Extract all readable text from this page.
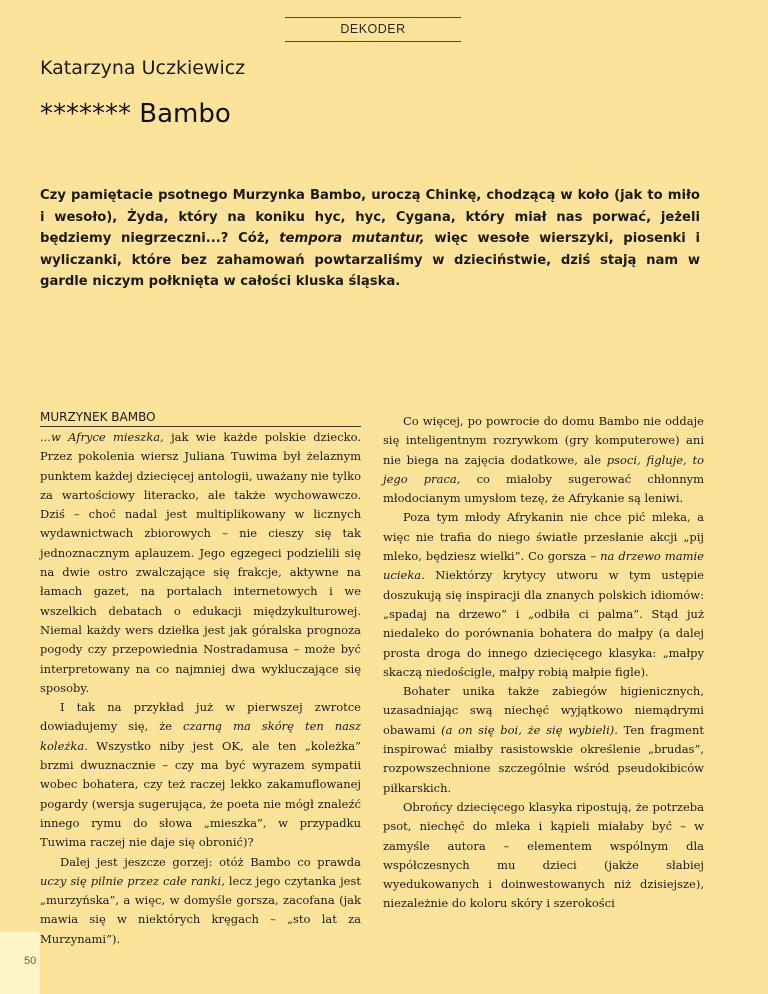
DEKODER
Katarzyna Uczkiewicz
******* Bambo
Czy pamiętacie psotnego Murzynka Bambo, uroczą Chinkę, chodzącą w koło (jak to miło i wesoło), Żyda, który na koniku hyc, hyc, Cygana, który miał nas porwać, jeżeli będziemy niegrzeczni...? Cóż, tempora mutantur, więc wesołe wierszyki, piosenki i wyliczanki, które bez zahamowań powtarzaliśmy w dzieciństwie, dziś stają nam w gardle niczym połknięta w całości kluska śląska.
MURZYNEK BAMBO

...w Afryce mieszka, jak wie każde polskie dziecko. Przez pokolenia wiersz Juliana Tuwima był żelaznym punktem każdej dziecięcej antologii, uważany nie tylko za wartościowy literacko, ale także wychowawczo. Dziś – choć nadal jest multiplikowany w licznych wydawnictwach zbiorowych – nie cieszy się tak jednoznacznym aplauzem. Jego egzegeci podzielili się na dwie ostro zwalczające się frakcje, aktywne na łamach gazet, na portalach internetowych i we wszelkich debatach o edukacji międzykulturowej. Niemal każdy wers dziełka jest jak góralska prognoza pogody czy przepowiednia Nostradamusa – może być interpretowany na co najmniej dwa wykluczające się sposoby.

I tak na przykład już w pierwszej zwrotce dowiadujemy się, że czarną ma skórę ten nasz koleżka. Wszystko niby jest OK, ale ten „koleżka” brzmi dwuznacznie – czy ma być wyrazem sympatii wobec bohatera, czy też raczej lekko zakamuflowanej pogardy (wersja sugerująca, że poeta nie mógł znaleźć innego rymu do słowa „mieszka”, w przypadku Tuwima raczej nie daje się obronić)?

Dalej jest jeszcze gorzej: otóż Bambo co prawda uczy się pilnie przez całe ranki, lecz jego czytanka jest „murzyńska”, a więc, w domyśle gorsza, zacofana (jak mawia się w niektórych kręgach – „sto lat za Murzynami”).

Co więcej, po powrocie do domu Bambo nie oddaje się inteligentnym rozrywkom (gry komputerowe) ani nie biega na zajęcia dodatkowe, ale psoci, figluje, to jego praca, co miałoby sugerować chłonnym młodocianym umysłom tezę, że Afrykanie są leniwi.

Poza tym młody Afrykanin nie chce pić mleka, a więc nie trafia do niego światłe przesłanie akcji „pij mleko, będziesz wielki”. Co gorsza – na drzewo mamie ucieka. Niektórzy krytycy utworu w tym ustępie doszukują się inspiracji dla znanych polskich idiomów: „spadaj na drzewo” i „odbiła ci palma”. Stąd już niedaleko do porównania bohatera do małpy (a dalej prosta droga do innego dziecięcego klasyka: „małpy skaczą niedościgle, małpy robią małpie figle).

Bohater unika także zabiegów higienicznych, uzasadniając swą niechęć wyjątkowo niemądrymi obawami (a on się boi, że się wybieli). Ten fragment inspirować miałby rasistowskie określenie „brudas”, rozpowszechnione szczególnie wśród pseudokibiców piłkarskich.

Obrońcy dziecięcego klasyka ripostują, że potrzeba psot, niechęć do mleka i kąpieli miałaby być – w zamyśle autora – elementem wspólnym dla współczesnych mu dzieci (jakże słabiej wyedukowanych i doinwestowanych niż dzisiejsze), niezależnie do koloru skóry i szerokości

50
